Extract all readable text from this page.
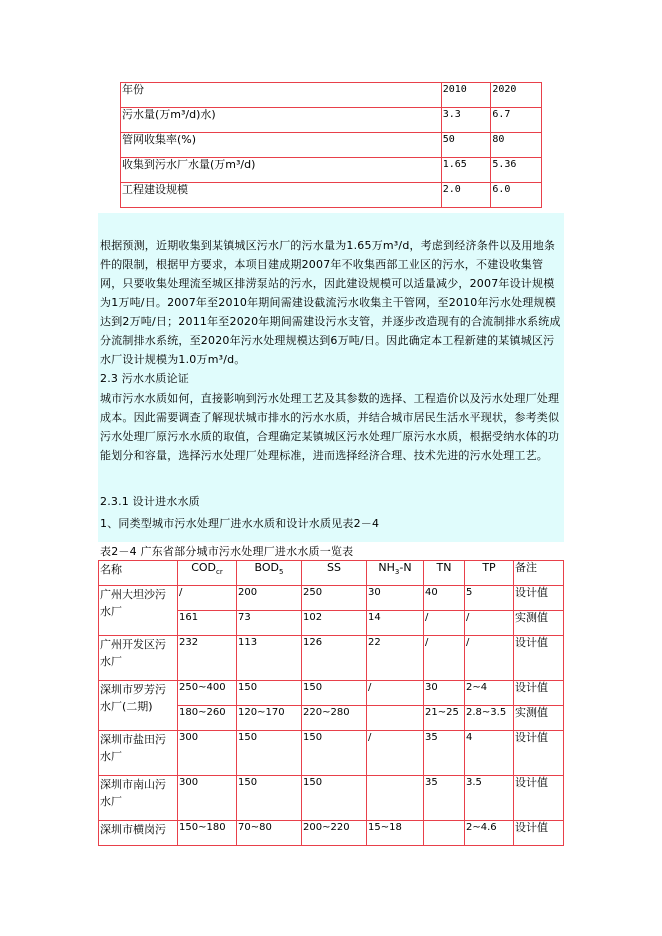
年份	2010	2020
污水量(万m³/d)水)	3.3	6.7
管网收集率(%)	50	80
收集到污水厂水量(万m³/d)	1.65	5.36
工程建设规模	2.0	6.0
根据预测，近期收集到某镇城区污水厂的污水量为1.65万m³/d，考虑到经济条件以及用地条件的限制，根据甲方要求，本项目建成期2007年不收集西部工业区的污水，不建设收集管网，只要收集处理流至城区排涝泵站的污水，因此建设规模可以适量减少，2007年设计规模为1万吨/日。2007年至2010年期间需建设截流污水收集主干管网，至2010年污水处理规模达到2万吨/日；2011年至2020年期间需建设污水支管，并逐步改造现有的合流制排水系统成分流制排水系统，至2020年污水处理规模达到6万吨/日。因此确定本工程新建的某镇城区污水厂设计规模为1.0万m³/d。
2.3 污水水质论证
城市污水水质如何，直接影响到污水处理工艺及其参数的选择、工程造价以及污水处理厂处理成本。因此需要调查了解现状城市排水的污水水质，并结合城市居民生活水平现状，参考类似污水处理厂原污水水质的取值，合理确定某镇城区污水处理厂原污水水质，根据受纳水体的功能划分和容量，选择污水处理厂处理标准，进而选择经济合理、技术先进的污水处理工艺。
2.3.1 设计进水水质
1、同类型城市污水处理厂进水水质和设计水质见表2－4
表2－4 广东省部分城市污水处理厂进水水质一览表
名称	$COD_{cr}$	$BOD_5$	SS	$NH_3-N$	TN	TP	备注
广州大坦沙污水厂	/	200	250	30	40	5	设计值
	161	73	102	14	/	/	实测值
广州开发区污水厂	232	113	126	22	/	/	设计值
深圳市罗芳污水厂(二期)	250~400	150	150	/	30	2~4	设计值
	180~260	120~170	220~280		21~25	2.8~3.5	实测值
深圳市盐田污水厂	300	150	150	/	35	4	设计值
深圳市南山污水厂	300	150	150		35	3.5	设计值
深圳市横岗污	150~180	70~80	200~220	15~18		2~4.6	设计值
